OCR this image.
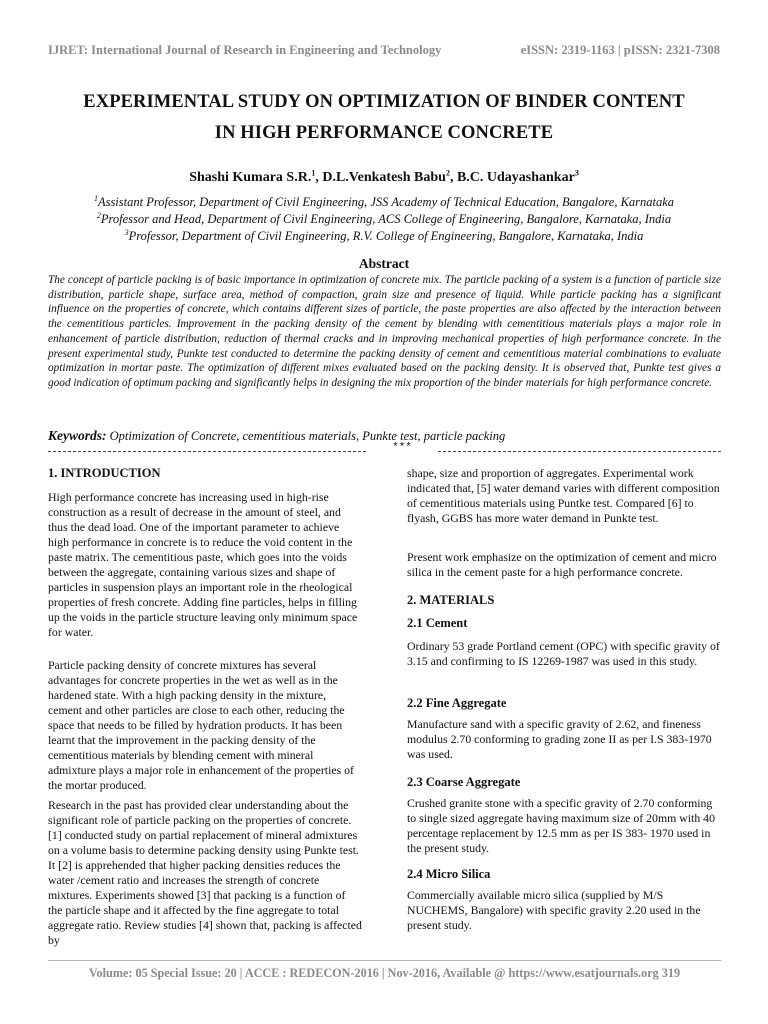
IJRET: International Journal of Research in Engineering and Technology	eISSN: 2319-1163 | pISSN: 2321-7308
EXPERIMENTAL STUDY ON OPTIMIZATION OF BINDER CONTENT
IN HIGH PERFORMANCE CONCRETE
Shashi Kumara S.R.$^1$, D.L.Venkatesh Babu$^2$, B.C. Udayashankar$^3$
$^1$Assistant Professor, Department of Civil Engineering, JSS Academy of Technical Education, Bangalore, Karnataka
$^2$Professor and Head, Department of Civil Engineering, ACS College of Engineering, Bangalore, Karnataka, India
$^3$Professor, Department of Civil Engineering, R.V. College of Engineering, Bangalore, Karnataka, India
Abstract

The concept of particle packing is of basic importance in optimization of concrete mix. The particle packing of a system is a function of particle size distribution, particle shape, surface area, method of compaction, grain size and presence of liquid. While particle packing has a significant influence on the properties of concrete, which contains different sizes of particle, the paste properties are also affected by the interaction between the cementitious particles. Improvement in the packing density of the cement by blending with cementitious materials plays a major role in enhancement of particle distribution, reduction of thermal cracks and in improving mechanical properties of high performance concrete. In the present experimental study, Punkte test conducted to determine the packing density of cement and cementitious material combinations to evaluate optimization in mortar paste. The optimization of different mixes evaluated based on the packing density. It is observed that, Punkte test gives a good indication of optimum packing and significantly helps in designing the mix proportion of the binder materials for high performance concrete.

Keywords: Optimization of Concrete, cementitious materials, Punkte test, particle packing
***
1. INTRODUCTION

High performance concrete has increasing used in high-rise construction as a result of decrease in the amount of steel, and thus the dead load. One of the important parameter to achieve high performance in concrete is to reduce the void content in the paste matrix. The cementitious paste, which goes into the voids between the aggregate, containing various sizes and shape of particles in suspension plays an important role in the rheological properties of fresh concrete. Adding fine particles, helps in filling up the voids in the particle structure leaving only minimum space for water.

Particle packing density of concrete mixtures has several advantages for concrete properties in the wet as well as in the hardened state. With a high packing density in the mixture, cement and other particles are close to each other, reducing the space that needs to be filled by hydration products. It has been learnt that the improvement in the packing density of the cementitious materials by blending cement with mineral admixture plays a major role in enhancement of the properties of the mortar produced.

Research in the past has provided clear understanding about the significant role of particle packing on the properties of concrete. [1] conducted study on partial replacement of mineral admixtures on a volume basis to determine packing density using Punkte test. It [2] is apprehended that higher packing densities reduces the water /cement ratio and increases the strength of concrete mixtures. Experiments showed [3] that packing is a function of the particle shape and it affected by the fine aggregate to total aggregate ratio. Review studies [4] shown that, packing is affected by

shape, size and proportion of aggregates. Experimental work indicated that, [5] water demand varies with different composition of cementitious materials using Puntke test. Compared [6] to flyash, GGBS has more water demand in Punkte test.

Present work emphasize on the optimization of cement and micro silica in the cement paste for a high performance concrete.

2. MATERIALS
2.1 Cement

Ordinary 53 grade Portland cement (OPC) with specific gravity of 3.15 and confirming to IS 12269-1987 was used in this study.

2.2 Fine Aggregate

Manufacture sand with a specific gravity of 2.62, and fineness modulus 2.70 conforming to grading zone II as per I.S 383-1970 was used.

2.3 Coarse Aggregate

Crushed granite stone with a specific gravity of 2.70 conforming to single sized aggregate having maximum size of 20mm with 40 percentage replacement by 12.5 mm as per IS 383- 1970 used in the present study.

2.4 Micro Silica

Commercially available micro silica (supplied by M/S NUCHEMS, Bangalore) with specific gravity 2.20 used in the present study.

Volume: 05 Special Issue: 20 | ACCE : REDECON-2016 | Nov-2016, Available @ https://www.esatjournals.org 319
